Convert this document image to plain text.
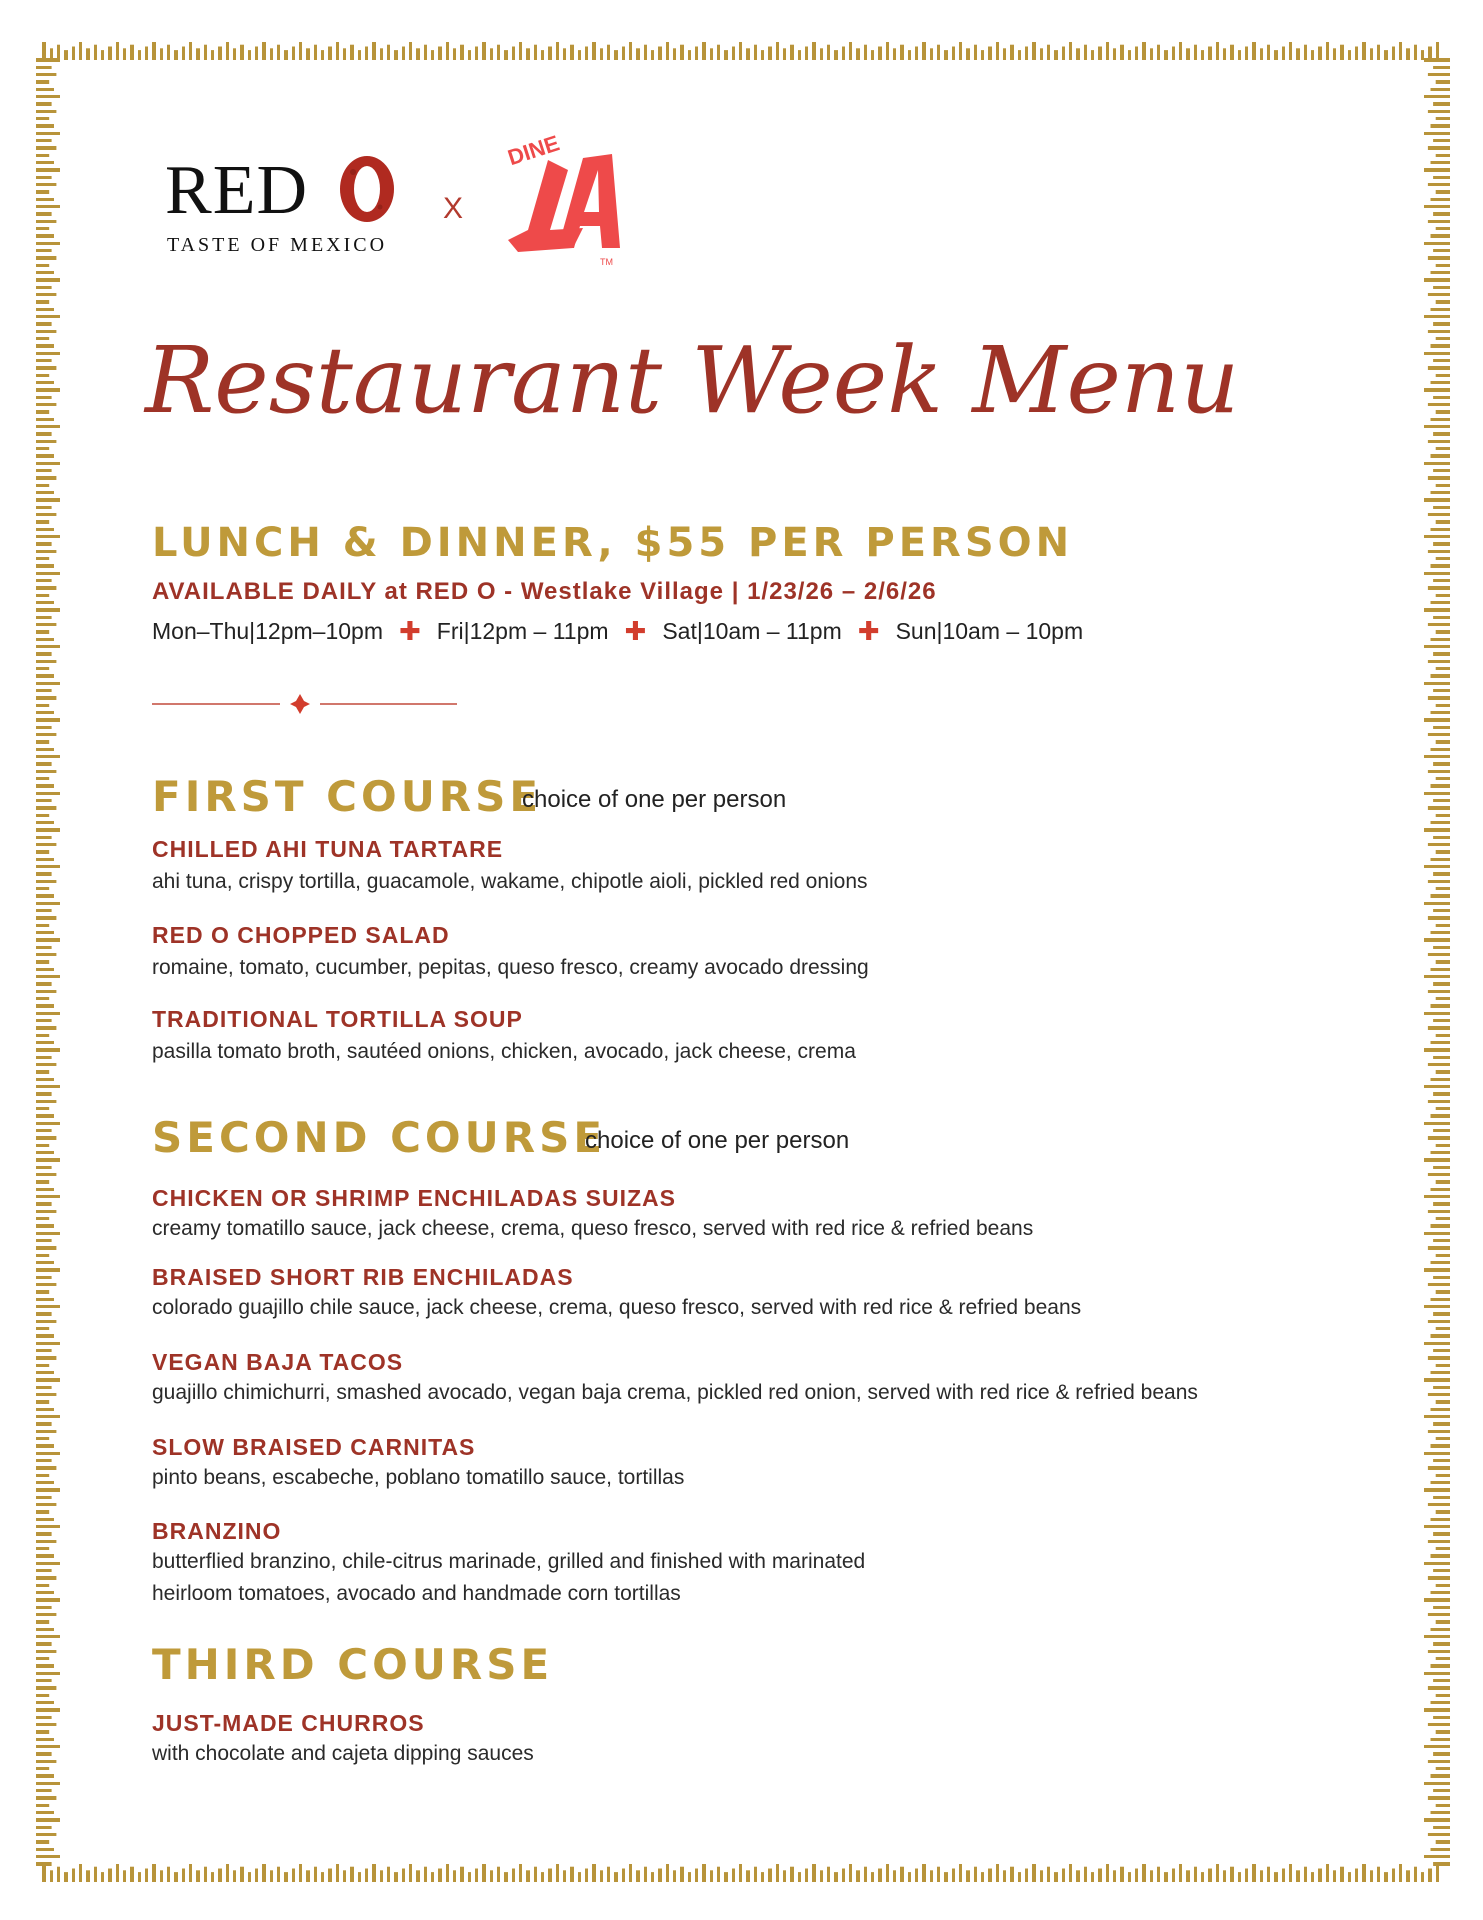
RED
TASTE OF MEXICO
X
DINE
TM
Restaurant Week Menu
LUNCH & DINNER, $55 PER PERSON
AVAILABLE DAILY at RED O - Westlake Village | 1/23/26 – 2/6/26
Mon–Thu|12pm–10pm ✚ Fri|12pm – 11pm ✚ Sat|10am – 11pm ✚ Sun|10am – 10pm
FIRST COURSE
choice of one per person
CHILLED AHI TUNA TARTARE
ahi tuna, crispy tortilla, guacamole, wakame, chipotle aioli, pickled red onions
RED O CHOPPED SALAD
romaine, tomato, cucumber, pepitas, queso fresco, creamy avocado dressing
TRADITIONAL TORTILLA SOUP
pasilla tomato broth, sautéed onions, chicken, avocado, jack cheese, crema
SECOND COURSE
choice of one per person
CHICKEN OR SHRIMP ENCHILADAS SUIZAS
creamy tomatillo sauce, jack cheese, crema, queso fresco, served with red rice & refried beans
BRAISED SHORT RIB ENCHILADAS
colorado guajillo chile sauce, jack cheese, crema, queso fresco, served with red rice & refried beans
VEGAN BAJA TACOS
guajillo chimichurri, smashed avocado, vegan baja crema, pickled red onion, served with red rice & refried beans
SLOW BRAISED CARNITAS
pinto beans, escabeche, poblano tomatillo sauce, tortillas
BRANZINO
butterflied branzino, chile-citrus marinade, grilled and finished with marinated
heirloom tomatoes, avocado and handmade corn tortillas
THIRD COURSE
JUST-MADE CHURROS
with chocolate and cajeta dipping sauces
